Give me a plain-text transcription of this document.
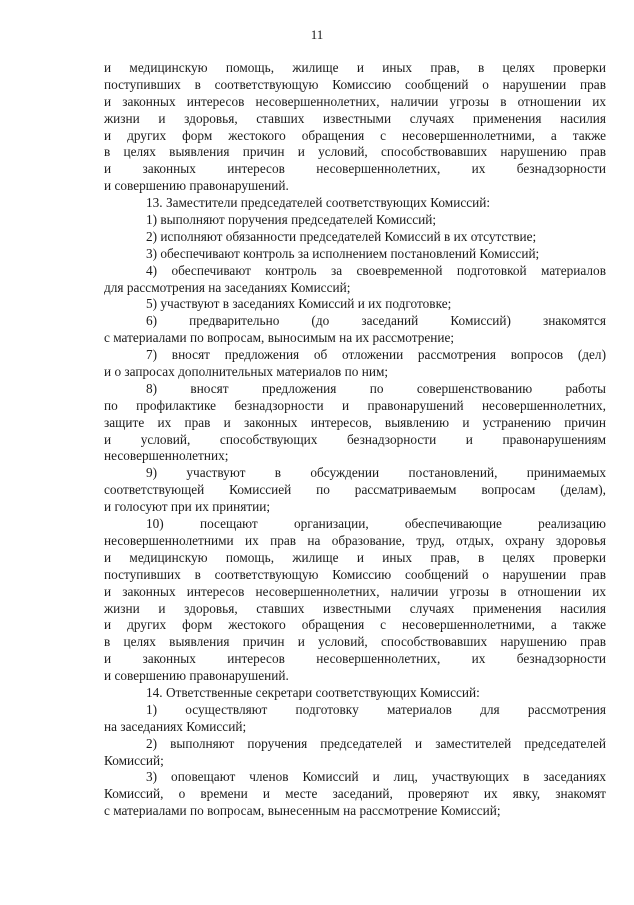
11
и медицинскую помощь, жилище и иных прав, в целях проверки
поступивших в соответствующую Комиссию сообщений о нарушении прав
и законных интересов несовершеннолетних, наличии угрозы в отношении их
жизни и здоровья, ставших известными случаях применения насилия
и других форм жестокого обращения с несовершеннолетними, а также
в целях выявления причин и условий, способствовавших нарушению прав
и законных интересов несовершеннолетних, их безнадзорности
и совершению правонарушений.
13. Заместители председателей соответствующих Комиссий:
1) выполняют поручения председателей Комиссий;
2) исполняют обязанности председателей Комиссий в их отсутствие;
3) обеспечивают контроль за исполнением постановлений Комиссий;
4) обеспечивают контроль за своевременной подготовкой материалов
для рассмотрения на заседаниях Комиссий;
5) участвуют в заседаниях Комиссий и их подготовке;
6) предварительно (до заседаний Комиссий) знакомятся
с материалами по вопросам, выносимым на их рассмотрение;
7) вносят предложения об отложении рассмотрения вопросов (дел)
и о запросах дополнительных материалов по ним;
8) вносят предложения по совершенствованию работы
по профилактике безнадзорности и правонарушений несовершеннолетних,
защите их прав и законных интересов, выявлению и устранению причин
и условий, способствующих безнадзорности и правонарушениям
несовершеннолетних;
9) участвуют в обсуждении постановлений, принимаемых
соответствующей Комиссией по рассматриваемым вопросам (делам),
и голосуют при их принятии;
10) посещают организации, обеспечивающие реализацию
несовершеннолетними их прав на образование, труд, отдых, охрану здоровья
и медицинскую помощь, жилище и иных прав, в целях проверки
поступивших в соответствующую Комиссию сообщений о нарушении прав
и законных интересов несовершеннолетних, наличии угрозы в отношении их
жизни и здоровья, ставших известными случаях применения насилия
и других форм жестокого обращения с несовершеннолетними, а также
в целях выявления причин и условий, способствовавших нарушению прав
и законных интересов несовершеннолетних, их безнадзорности
и совершению правонарушений.
14. Ответственные секретари соответствующих Комиссий:
1) осуществляют подготовку материалов для рассмотрения
на заседаниях Комиссий;
2) выполняют поручения председателей и заместителей председателей
Комиссий;
3) оповещают членов Комиссий и лиц, участвующих в заседаниях
Комиссий, о времени и месте заседаний, проверяют их явку, знакомят
с материалами по вопросам, вынесенным на рассмотрение Комиссий;
